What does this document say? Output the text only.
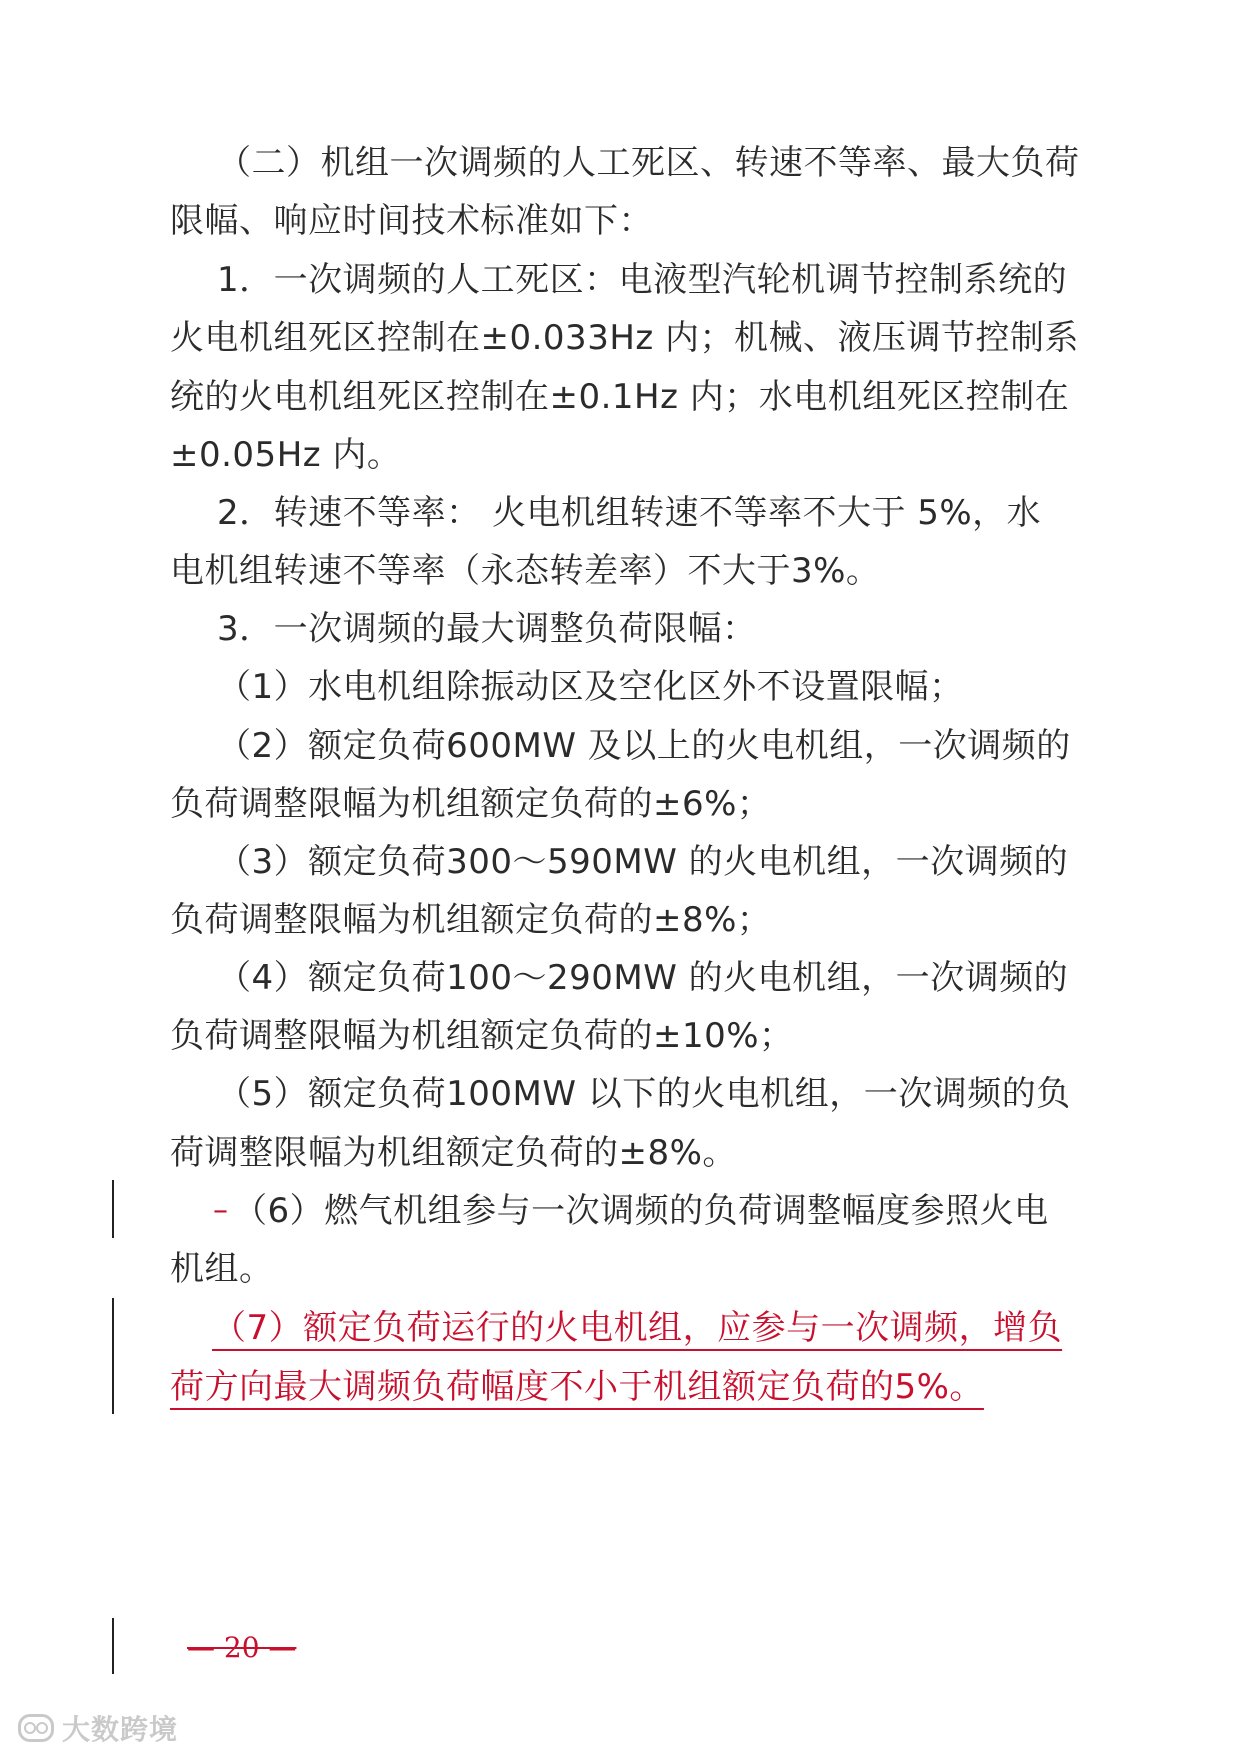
（二）机组一次调频的人工死区、转速不等率、最大负荷
限幅、响应时间技术标准如下：
1．一次调频的人工死区：电液型汽轮机调节控制系统的
火电机组死区控制在±0.033Hz 内；机械、液压调节控制系
统的火电机组死区控制在±0.1Hz 内；水电机组死区控制在
±0.05Hz 内。
2．转速不等率： 火电机组转速不等率不大于 5%，水
电机组转速不等率（永态转差率）不大于3%。
3．一次调频的最大调整负荷限幅：
（1）水电机组除振动区及空化区外不设置限幅；
（2）额定负荷600MW 及以上的火电机组，一次调频的
负荷调整限幅为机组额定负荷的±6%；
（3）额定负荷300～590MW 的火电机组，一次调频的
负荷调整限幅为机组额定负荷的±8%；
（4）额定负荷100～290MW 的火电机组，一次调频的
负荷调整限幅为机组额定负荷的±10%；
（5）额定负荷100MW 以下的火电机组，一次调频的负
荷调整限幅为机组额定负荷的±8%。
– （6）燃气机组参与一次调频的负荷调整幅度参照火电
机组。
（7）额定负荷运行的火电机组，应参与一次调频，增负
荷方向最大调频负荷幅度不小于机组额定负荷的5%。
— 20 —
大数跨境
